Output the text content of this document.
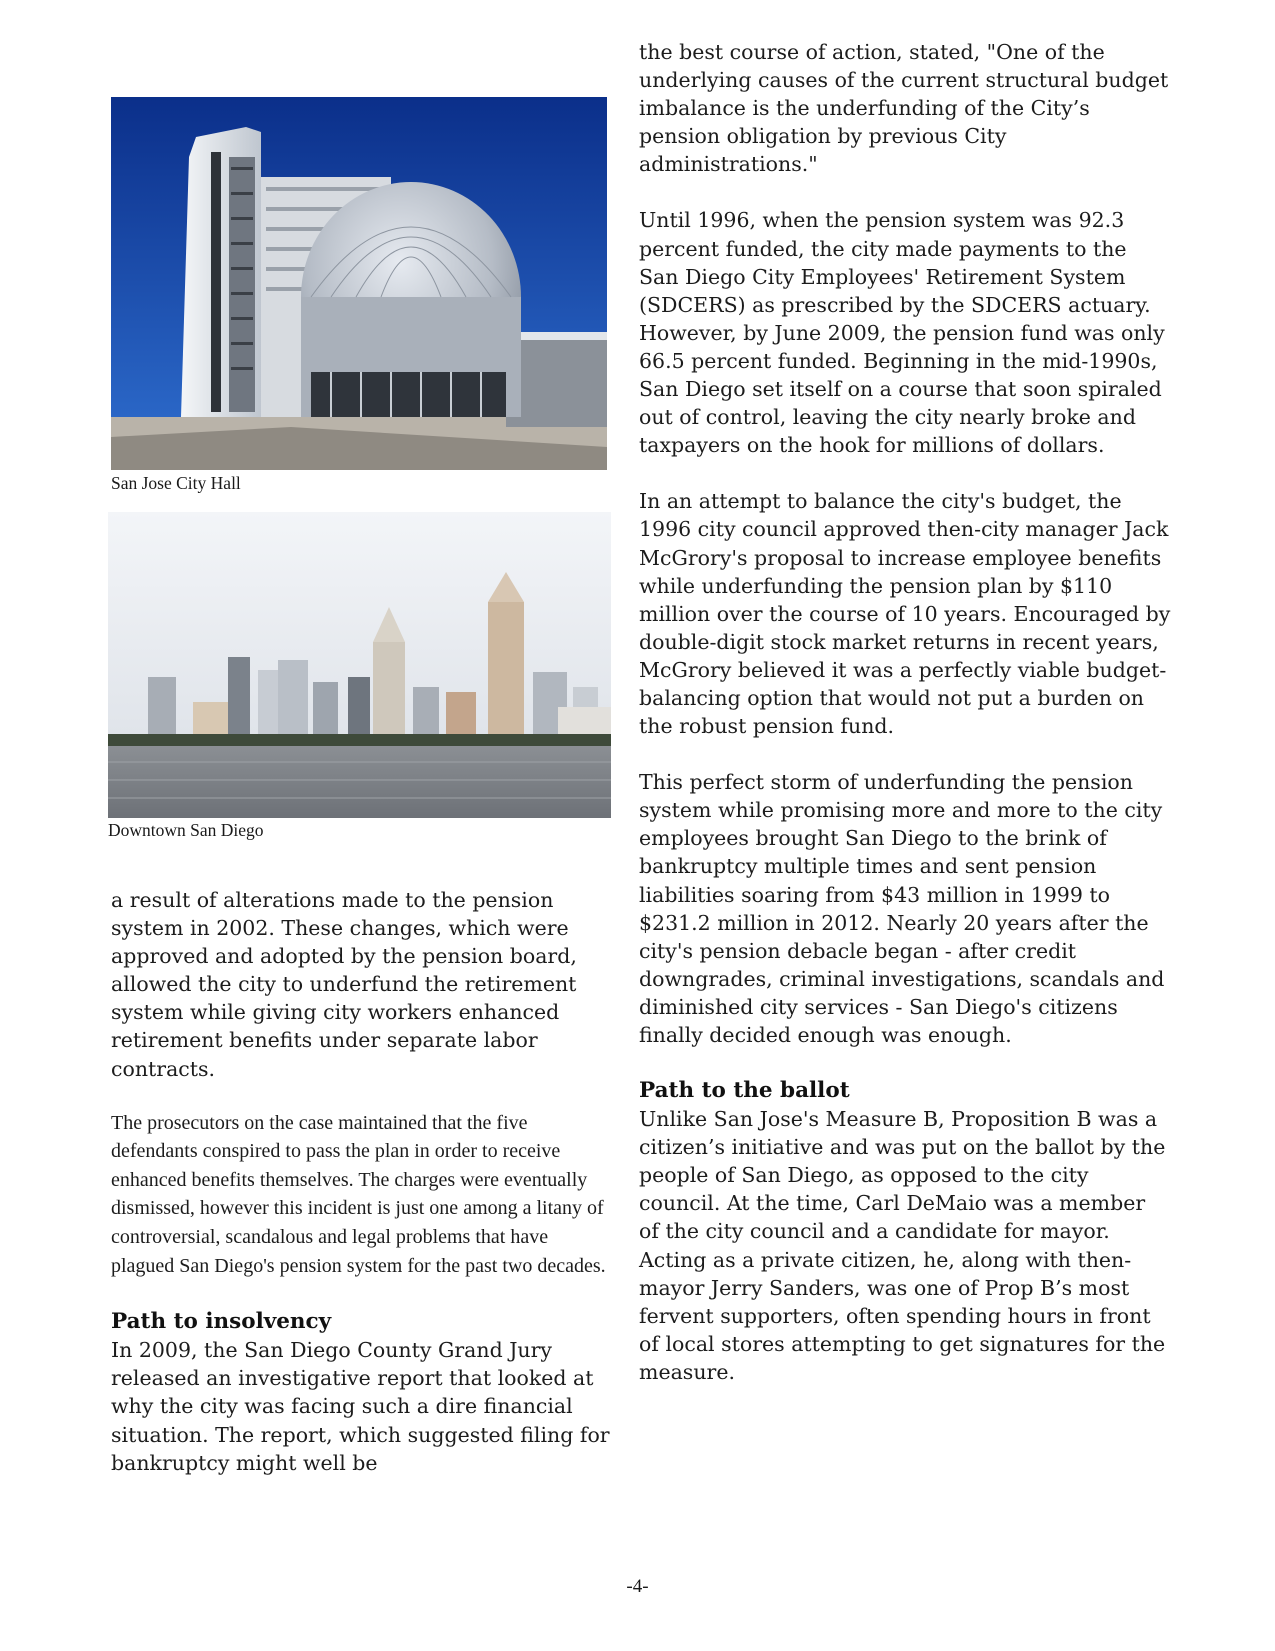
San Jose City Hall
Downtown San Diego

a result of alterations made to the pension system in 2002. These changes, which were approved and adopted by the pension board, allowed the city to underfund the retirement system while giving city workers enhanced retirement benefits under separate labor contracts.

The prosecutors on the case maintained that the five defendants conspired to pass the plan in order to receive enhanced benefits themselves. The charges were eventually dismissed, however this incident is just one among a litany of controversial, scandalous and legal problems that have plagued San Diego's pension system for the past two decades.

Path to insolvency

In 2009, the San Diego County Grand Jury released an investigative report that looked at why the city was facing such a dire financial situation. The report, which suggested filing for bankruptcy might well be

the best course of action, stated, "One of the underlying causes of the current structural budget imbalance is the underfunding of the City’s pension obligation by previous City administrations."

Until 1996, when the pension system was 92.3 percent funded, the city made payments to the San Diego City Employees' Retirement System (SDCERS) as prescribed by the SDCERS actuary. However, by June 2009, the pension fund was only 66.5 percent funded. Beginning in the mid-1990s, San Diego set itself on a course that soon spiraled out of control, leaving the city nearly broke and taxpayers on the hook for millions of dollars.

In an attempt to balance the city's budget, the 1996 city council approved then-city manager Jack McGrory's proposal to increase employee benefits while underfunding the pension plan by $110 million over the course of 10 years. Encouraged by double-digit stock market returns in recent years, McGrory believed it was a perfectly viable budget-balancing option that would not put a burden on the robust pension fund.

This perfect storm of underfunding the pension system while promising more and more to the city employees brought San Diego to the brink of bankruptcy multiple times and sent pension liabilities soaring from $43 million in 1999 to $231.2 million in 2012. Nearly 20 years after the city's pension debacle began - after credit downgrades, criminal investigations, scandals and diminished city services - San Diego's citizens finally decided enough was enough.

Path to the ballot

Unlike San Jose's Measure B, Proposition B was a citizen’s initiative and was put on the ballot by the people of San Diego, as opposed to the city council. At the time, Carl DeMaio was a member of the city council and a candidate for mayor. Acting as a private citizen, he, along with then-mayor Jerry Sanders, was one of Prop B’s most fervent supporters, often spending hours in front of local stores attempting to get signatures for the measure.

-4-
